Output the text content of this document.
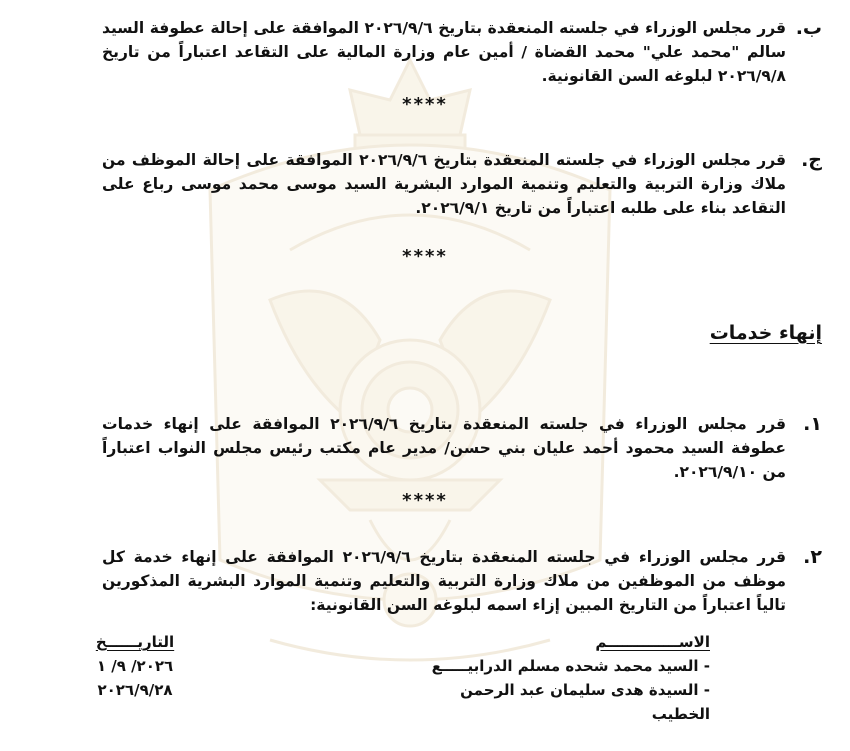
ب.
قرر مجلس الوزراء في جلسته المنعقدة بتاريخ ٢٠٢٦/٩/٦ الموافقة على إحالة عطوفة السيد سالم "محمد علي" محمد القضاة / أمين عام وزارة المالية على التقاعد اعتباراً من تاريخ ٢٠٢٦/٩/٨ لبلوغه السن القانونية.
****
ج.
قرر مجلس الوزراء في جلسته المنعقدة بتاريخ ٢٠٢٦/٩/٦ الموافقة على إحالة الموظف من ملاك وزارة التربية والتعليم وتنمية الموارد البشرية السيد موسى محمد موسى رباع على التقاعد بناء على طلبه اعتباراً من تاريخ ٢٠٢٦/٩/١.
****
إنهاء خدمات
١.
قرر مجلس الوزراء في جلسته المنعقدة بتاريخ ٢٠٢٦/٩/٦ الموافقة على إنهاء خدمات عطوفة السيد محمود أحمد عليان بني حسن/ مدير عام مكتب رئيس مجلس النواب اعتباراً من ٢٠٢٦/٩/١٠.
****
٢.
قرر مجلس الوزراء في جلسته المنعقدة بتاريخ ٢٠٢٦/٩/٦ الموافقة على إنهاء خدمة كل موظف من الموظفين من ملاك وزارة التربية والتعليم وتنمية الموارد البشرية المذكورين تالياً اعتباراً من التاريخ المبين إزاء اسمه لبلوغه السن القانونية:
الاســــــــــــــم
التاريــــــخ
- السيد محمد شحده مسلم الدرابيـــــع
٢٠٢٦/ ٩/ ١
- السيدة هدى سليمان عبد الرحمن الخطيب
٢٠٢٦/٩/٢٨
